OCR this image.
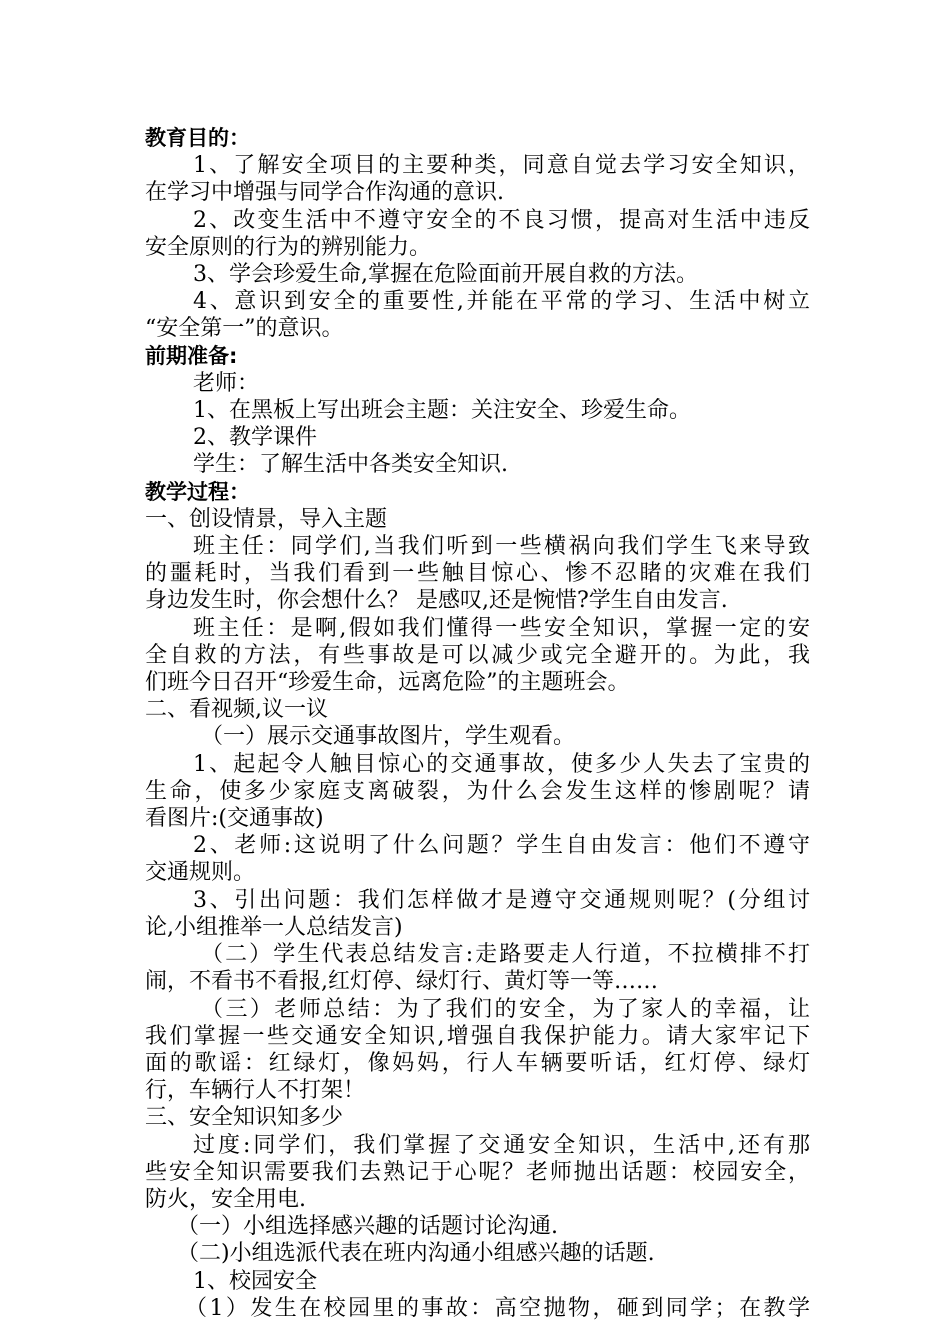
教育目的：
1、了解安全项目的主要种类，同意自觉去学习安全知识，
在学习中增强与同学合作沟通的意识.
2、改变生活中不遵守安全的不良习惯，提高对生活中违反
安全原则的行为的辨别能力。
3、学会珍爱生命,掌握在危险面前开展自救的方法。
4、意识到安全的重要性,并能在平常的学习、生活中树立
“安全第一”的意识。
前期准备:
老师：
1、在黑板上写出班会主题：关注安全、珍爱生命。
2、教学课件
学生：了解生活中各类安全知识.
教学过程：
一、创设情景，导入主题
班主任：同学们,当我们听到一些横祸向我们学生飞来导致
的噩耗时，当我们看到一些触目惊心、惨不忍睹的灾难在我们
身边发生时，你会想什么？ 是感叹,还是惋惜?学生自由发言.
班主任：是啊,假如我们懂得一些安全知识，掌握一定的安
全自救的方法，有些事故是可以减少或完全避开的。为此，我
们班今日召开“珍爱生命，远离危险”的主题班会。
二、看视频,议一议
（一）展示交通事故图片，学生观看。
1、起起令人触目惊心的交通事故，使多少人失去了宝贵的
生命，使多少家庭支离破裂，为什么会发生这样的惨剧呢？请
看图片:(交通事故)
2、老师:这说明了什么问题？学生自由发言：他们不遵守
交通规则。
3、引出问题：我们怎样做才是遵守交通规则呢？(分组讨
论,小组推举一人总结发言)
（二）学生代表总结发言:走路要走人行道，不拉横排不打
闹，不看书不看报,红灯停、绿灯行、黄灯等一等……
（三）老师总结：为了我们的安全，为了家人的幸福，让
我们掌握一些交通安全知识,增强自我保护能力。请大家牢记下
面的歌谣：红绿灯，像妈妈，行人车辆要听话，红灯停、绿灯
行，车辆行人不打架！
三、安全知识知多少
过度:同学们，我们掌握了交通安全知识，生活中,还有那
些安全知识需要我们去熟记于心呢？老师抛出话题：校园安全，
防火，安全用电.
（一）小组选择感兴趣的话题讨论沟通.
（二)小组选派代表在班内沟通小组感兴趣的话题.
1、校园安全
（1）发生在校园里的事故：高空抛物，砸到同学；在教学
